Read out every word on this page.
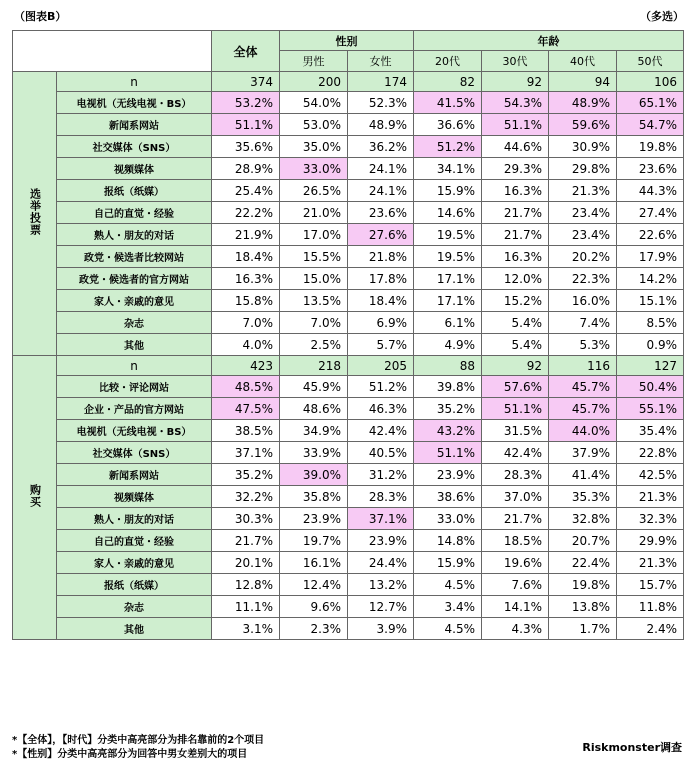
（图表B）	（多选）
		全体	性别		年龄			
			男性	女性	20代	30代	40代	50代
选举投票	n	374	200	174	82	92	94	106
	电视机（无线电视・BS）	53.2%	54.0%	52.3%	41.5%	54.3%	48.9%	65.1%
	新闻系网站	51.1%	53.0%	48.9%	36.6%	51.1%	59.6%	54.7%
	社交媒体（SNS）	35.6%	35.0%	36.2%	51.2%	44.6%	30.9%	19.8%
	视频媒体	28.9%	33.0%	24.1%	34.1%	29.3%	29.8%	23.6%
	报纸（纸媒）	25.4%	26.5%	24.1%	15.9%	16.3%	21.3%	44.3%
	自己的直觉・经验	22.2%	21.0%	23.6%	14.6%	21.7%	23.4%	27.4%
	熟人・朋友的对话	21.9%	17.0%	27.6%	19.5%	21.7%	23.4%	22.6%
	政党・候选者比较网站	18.4%	15.5%	21.8%	19.5%	16.3%	20.2%	17.9%
	政党・候选者的官方网站	16.3%	15.0%	17.8%	17.1%	12.0%	22.3%	14.2%
	家人・亲戚的意见	15.8%	13.5%	18.4%	17.1%	15.2%	16.0%	15.1%
	杂志	7.0%	7.0%	6.9%	6.1%	5.4%	7.4%	8.5%
	其他	4.0%	2.5%	5.7%	4.9%	5.4%	5.3%	0.9%
购买	n	423	218	205	88	92	116	127
	比较・评论网站	48.5%	45.9%	51.2%	39.8%	57.6%	45.7%	50.4%
	企业・产品的官方网站	47.5%	48.6%	46.3%	35.2%	51.1%	45.7%	55.1%
	电视机（无线电视・BS）	38.5%	34.9%	42.4%	43.2%	31.5%	44.0%	35.4%
	社交媒体（SNS）	37.1%	33.9%	40.5%	51.1%	42.4%	37.9%	22.8%
	新闻系网站	35.2%	39.0%	31.2%	23.9%	28.3%	41.4%	42.5%
	视频媒体	32.2%	35.8%	28.3%	38.6%	37.0%	35.3%	21.3%
	熟人・朋友的对话	30.3%	23.9%	37.1%	33.0%	21.7%	32.8%	32.3%
	自己的直觉・经验	21.7%	19.7%	23.9%	14.8%	18.5%	20.7%	29.9%
	家人・亲戚的意见	20.1%	16.1%	24.4%	15.9%	19.6%	22.4%	21.3%
	报纸（纸媒）	12.8%	12.4%	13.2%	4.5%	7.6%	19.8%	15.7%
	杂志	11.1%	9.6%	12.7%	3.4%	14.1%	13.8%	11.8%
	其他	3.1%	2.3%	3.9%	4.5%	4.3%	1.7%	2.4%
*【全体】，【时代】分类中高亮部分为排名靠前的2个项目
*【性别】分类中高亮部分为回答中男女差别大的项目
Riskmonster调查
